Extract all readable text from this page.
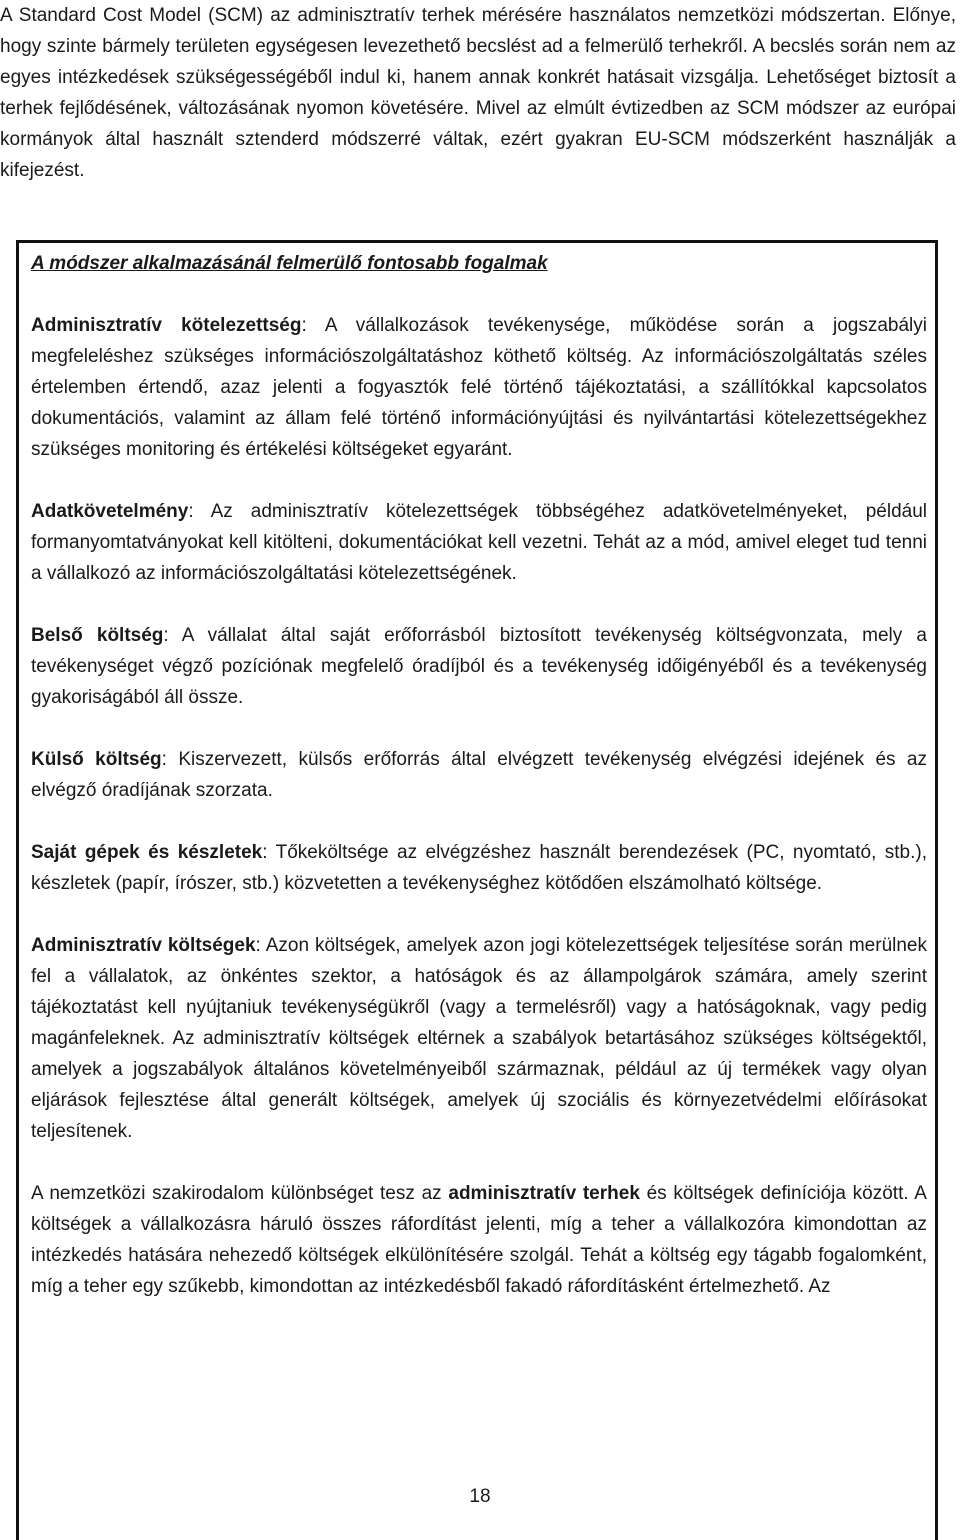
A Standard Cost Model (SCM) az adminisztratív terhek mérésére használatos nemzetközi módszertan. Előnye, hogy szinte bármely területen egységesen levezethető becslést ad a felmerülő terhekről. A becslés során nem az egyes intézkedések szükségességéből indul ki, hanem annak konkrét hatásait vizsgálja. Lehetőséget biztosít a terhek fejlődésének, változásának nyomon követésére. Mivel az elmúlt évtizedben az SCM módszer az európai kormányok által használt sztenderd módszerré váltak, ezért gyakran EU-SCM módszerként használják a kifejezést.

A módszer alkalmazásánál felmerülő fontosabb fogalmak

Adminisztratív kötelezettség: A vállalkozások tevékenysége, működése során a jogszabályi megfeleléshez szükséges információszolgáltatáshoz köthető költség. Az információszolgáltatás széles értelemben értendő, azaz jelenti a fogyasztók felé történő tájékoztatási, a szállítókkal kapcsolatos dokumentációs, valamint az állam felé történő információnyújtási és nyilvántartási kötelezettségekhez szükséges monitoring és értékelési költségeket egyaránt.

Adatkövetelmény: Az adminisztratív kötelezettségek többségéhez adatkövetelményeket, például formanyomtatványokat kell kitölteni, dokumentációkat kell vezetni. Tehát az a mód, amivel eleget tud tenni a vállalkozó az információszolgáltatási kötelezettségének.

Belső költség: A vállalat által saját erőforrásból biztosított tevékenység költségvonzata, mely a tevékenységet végző pozíciónak megfelelő óradíjból és a tevékenység időigényéből és a tevékenység gyakoriságából áll össze.

Külső költség: Kiszervezett, külsős erőforrás által elvégzett tevékenység elvégzési idejének és az elvégző óradíjának szorzata.

Saját gépek és készletek: Tőkeköltsége az elvégzéshez használt berendezések (PC, nyomtató, stb.), készletek (papír, írószer, stb.) közvetetten a tevékenységhez kötődően elszámolható költsége.

Adminisztratív költségek: Azon költségek, amelyek azon jogi kötelezettségek teljesítése során merülnek fel a vállalatok, az önkéntes szektor, a hatóságok és az állampolgárok számára, amely szerint tájékoztatást kell nyújtaniuk tevékenységükről (vagy a termelésről) vagy a hatóságoknak, vagy pedig magánfeleknek. Az adminisztratív költségek eltérnek a szabályok betartásához szükséges költségektől, amelyek a jogszabályok általános követelményeiből származnak, például az új termékek vagy olyan eljárások fejlesztése által generált költségek, amelyek új szociális és környezetvédelmi előírásokat teljesítenek.

A nemzetközi szakirodalom különbséget tesz az adminisztratív terhek és költségek definíciója között. A költségek a vállalkozásra háruló összes ráfordítást jelenti, míg a teher a vállalkozóra kimondottan az intézkedés hatására nehezedő költségek elkülönítésére szolgál. Tehát a költség egy tágabb fogalomként, míg a teher egy szűkebb, kimondottan az intézkedésből fakadó ráfordításként értelmezhető. Az

18
